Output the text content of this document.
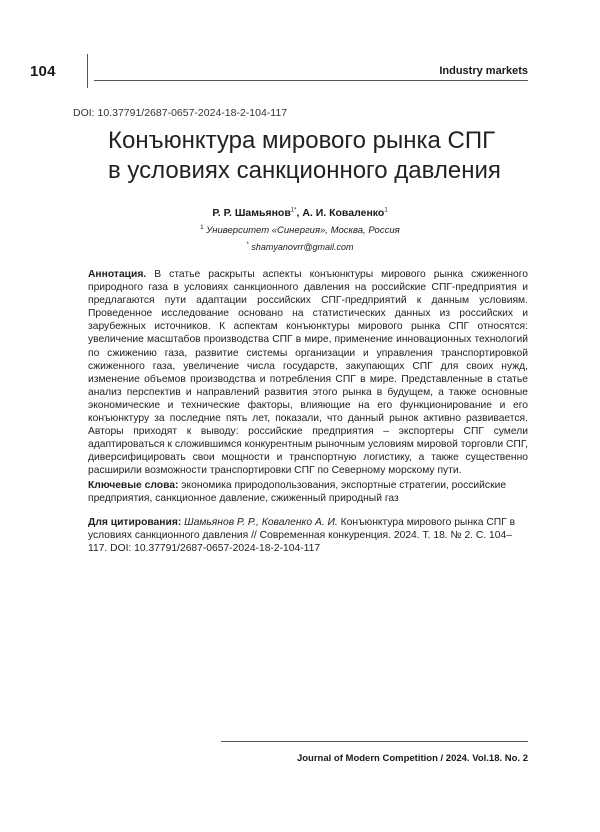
104	Industry markets
DOI: 10.37791/2687-0657-2024-18-2-104-117
Конъюнктура мирового рынка СПГ
в условиях санкционного давления
Р. Р. Шамьянов$^{1*}$, А. И. Коваленко$^1$
$^1$ Университет «Синергия», Москва, Россия
* shamyanovrr@gmail.com
Аннотация. В статье раскрыты аспекты конъюнктуры мирового рынка сжиженного природного газа в условиях санкционного давления на российские СПГ-предприятия и предлагаются пути адаптации российских СПГ-предприятий к данным условиям. Проведенное исследование основано на статистических данных из российских и зарубежных источников. К аспектам конъюнктуры мирового рынка СПГ относятся: увеличение масштабов производства СПГ в мире, применение инновационных технологий по сжижению газа, развитие системы организации и управления транспортировкой сжиженного газа, увеличение числа государств, закупающих СПГ для своих нужд, изменение объемов производства и потребления СПГ в мире. Представленные в статье анализ перспектив и направлений развития этого рынка в будущем, а также основные экономические и технические факторы, влияющие на его функционирование и его конъюнктуру за последние пять лет, показали, что данный рынок активно развивается. Авторы приходят к выводу: российские предприятия – экспортеры СПГ сумели адаптироваться к сложившимся конкурентным рыночным условиям мировой торговли СПГ, диверсифицировать свои мощности и транспортную логистику, а также существенно расширили возможности транспортировки СПГ по Северному морскому пути.
Ключевые слова: экономика природопользования, экспортные стратегии, российские предприятия, санкционное давление, сжиженный природный газ
Для цитирования: Шамьянов Р. Р., Коваленко А. И. Конъюнктура мирового рынка СПГ в условиях санкционного давления // Современная конкуренция. 2024. Т. 18. № 2. С. 104–117. DOI: 10.37791/2687-0657-2024-18-2-104-117
Journal of Modern Competition / 2024. Vol.18. No. 2
